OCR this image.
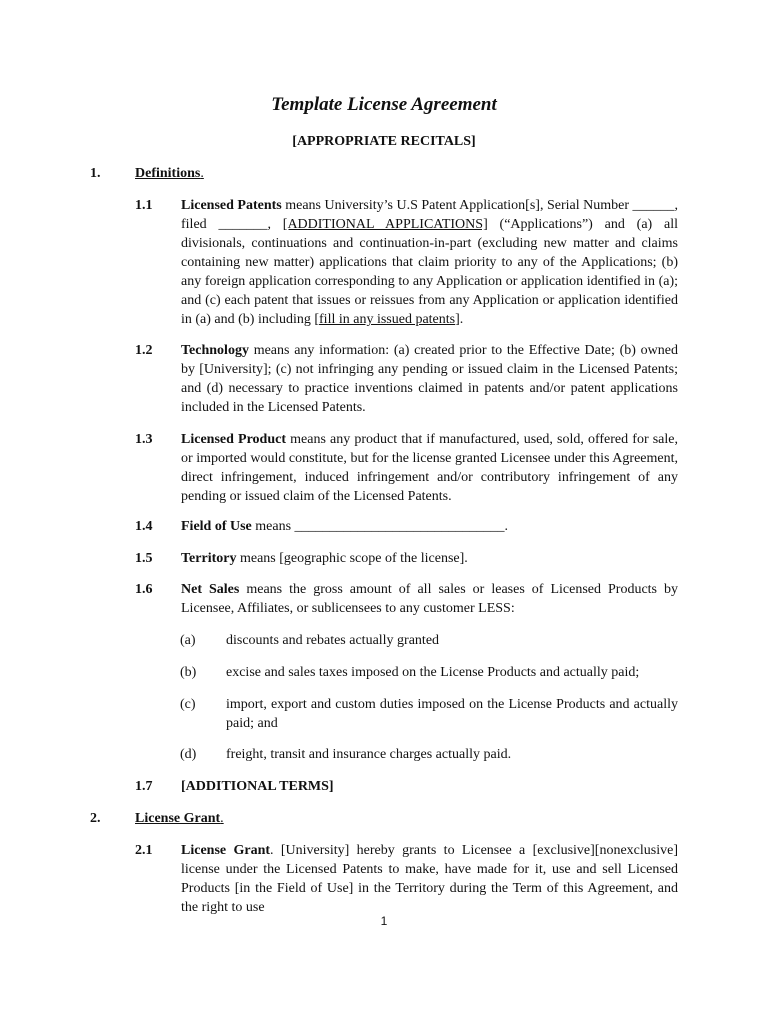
Template License Agreement
[APPROPRIATE RECITALS]
1. Definitions.
1.1 Licensed Patents means University’s U.S Patent Application[s], Serial Number ______, filed _______, [ADDITIONAL APPLICATIONS] (“Applications”) and (a) all divisionals, continuations and continuation-in-part (excluding new matter and claims containing new matter) applications that claim priority to any of the Applications; (b) any foreign application corresponding to any Application or application identified in (a); and (c) each patent that issues or reissues from any Application or application identified in (a) and (b) including [fill in any issued patents].
1.2 Technology means any information: (a) created prior to the Effective Date; (b) owned by [University]; (c) not infringing any pending or issued claim in the Licensed Patents; and (d) necessary to practice inventions claimed in patents and/or patent applications included in the Licensed Patents.
1.3 Licensed Product means any product that if manufactured, used, sold, offered for sale, or imported would constitute, but for the license granted Licensee under this Agreement, direct infringement, induced infringement and/or contributory infringement of any pending or issued claim of the Licensed Patents.
1.4 Field of Use means ______________________________.
1.5 Territory means [geographic scope of the license].
1.6 Net Sales means the gross amount of all sales or leases of Licensed Products by Licensee, Affiliates, or sublicensees to any customer LESS:
(a) discounts and rebates actually granted
(b) excise and sales taxes imposed on the License Products and actually paid;
(c) import, export and custom duties imposed on the License Products and actually paid; and
(d) freight, transit and insurance charges actually paid.
1.7 [ADDITIONAL TERMS]
2. License Grant.
2.1 License Grant. [University] hereby grants to Licensee a [exclusive][nonexclusive] license under the Licensed Patents to make, have made for it, use and sell Licensed Products [in the Field of Use] in the Territory during the Term of this Agreement, and the right to use
1
